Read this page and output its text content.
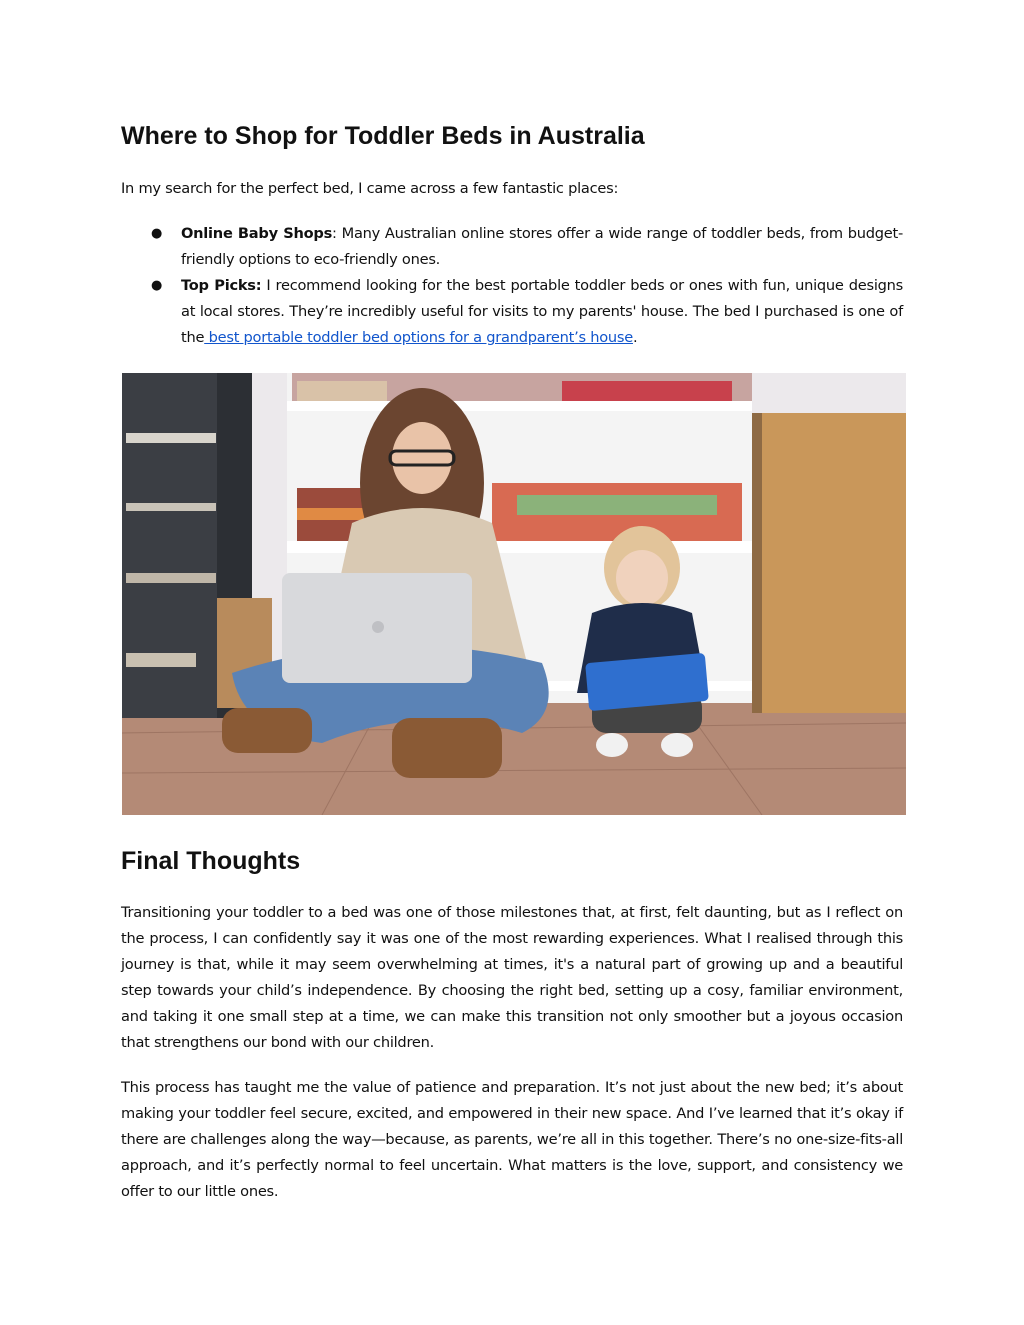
Where to Shop for Toddler Beds in Australia

In my search for the perfect bed, I came across a few fantastic places:

● Online Baby Shops: Many Australian online stores offer a wide range of toddler beds, from budget-friendly options to eco-friendly ones.
● Top Picks: I recommend looking for the best portable toddler beds or ones with fun, unique designs at local stores. They’re incredibly useful for visits to my parents' house. The bed I purchased is one of the best portable toddler bed options for a grandparent’s house.
Final Thoughts

Transitioning your toddler to a bed was one of those milestones that, at first, felt daunting, but as I reflect on the process, I can confidently say it was one of the most rewarding experiences. What I realised through this journey is that, while it may seem overwhelming at times, it's a natural part of growing up and a beautiful step towards your child’s independence. By choosing the right bed, setting up a cosy, familiar environment, and taking it one small step at a time, we can make this transition not only smoother but a joyous occasion that strengthens our bond with our children.

This process has taught me the value of patience and preparation. It’s not just about the new bed; it’s about making your toddler feel secure, excited, and empowered in their new space. And I’ve learned that it’s okay if there are challenges along the way—because, as parents, we’re all in this together. There’s no one-size-fits-all approach, and it’s perfectly normal to feel uncertain. What matters is the love, support, and consistency we offer to our little ones.
